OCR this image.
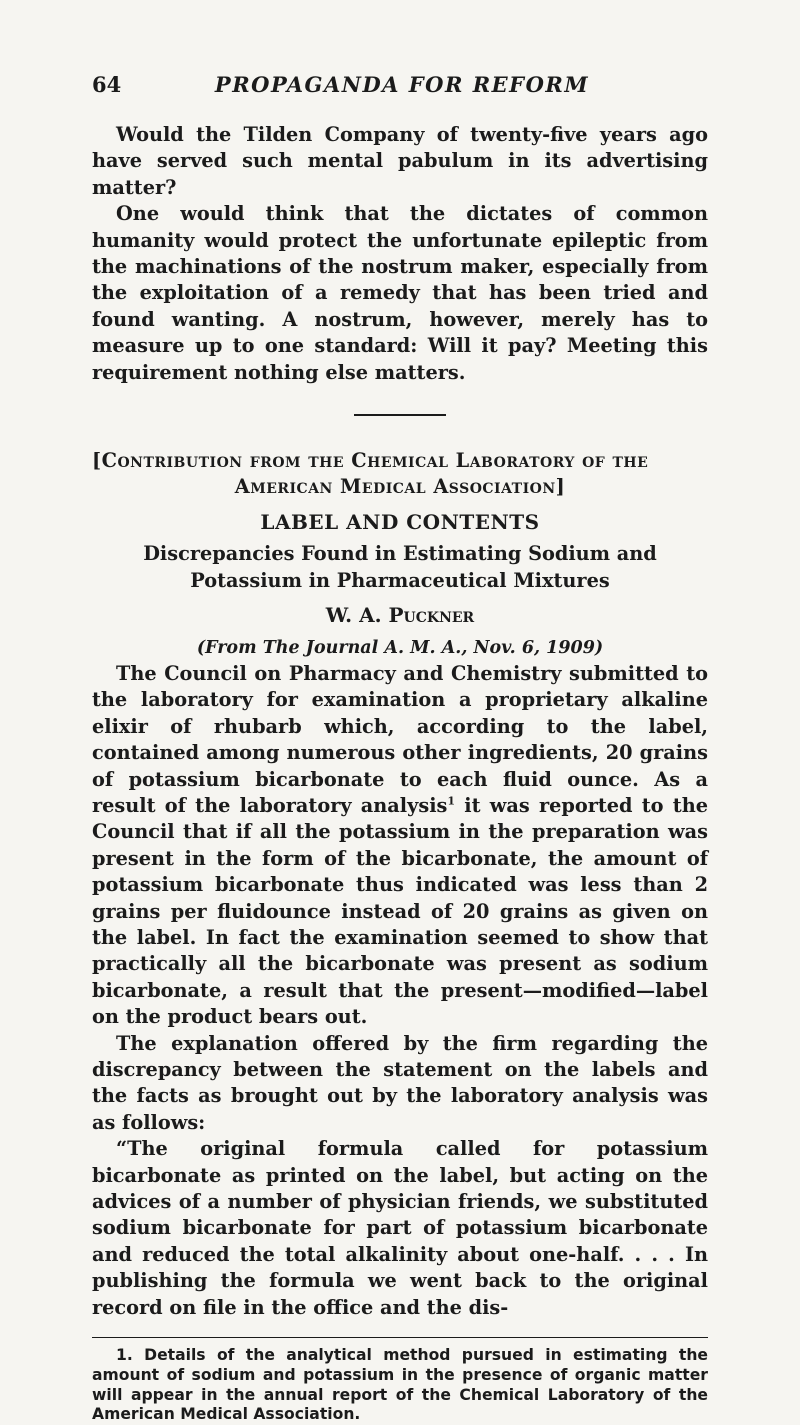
64	PROPAGANDA FOR REFORM

Would the Tilden Company of twenty-five years ago have served such mental pabulum in its advertising matter?

One would think that the dictates of common humanity would protect the unfortunate epileptic from the machinations of the nostrum maker, especially from the exploitation of a remedy that has been tried and found wanting. A nostrum, however, merely has to measure up to one standard: Will it pay? Meeting this requirement nothing else matters.

[Contribution from the Chemical Laboratory of the
American Medical Association]

LABEL AND CONTENTS

Discrepancies Found in Estimating Sodium and Potassium in Pharmaceutical Mixtures

W. A. Puckner

(From The Journal A. M. A., Nov. 6, 1909)

The Council on Pharmacy and Chemistry submitted to the laboratory for examination a proprietary alkaline elixir of rhubarb which, according to the label, contained among numerous other ingredients, 20 grains of potassium bicarbonate to each fluid ounce. As a result of the laboratory analysis$^1$ it was reported to the Council that if all the potassium in the preparation was present in the form of the bicarbonate, the amount of potassium bicarbonate thus indicated was less than 2 grains per fluidounce instead of 20 grains as given on the label. In fact the examination seemed to show that practically all the bicarbonate was present as sodium bicarbonate, a result that the present—modified—label on the product bears out.

The explanation offered by the firm regarding the discrepancy between the statement on the labels and the facts as brought out by the laboratory analysis was as follows:

“The original formula called for potassium bicarbonate as printed on the label, but acting on the advices of a number of physician friends, we substituted sodium bicarbonate for part of potassium bicarbonate and reduced the total alkalinity about one-half. . . . In publishing the formula we went back to the original record on file in the office and the dis-

1. Details of the analytical method pursued in estimating the amount of sodium and potassium in the presence of organic matter will appear in the annual report of the Chemical Laboratory of the American Medical Association.
